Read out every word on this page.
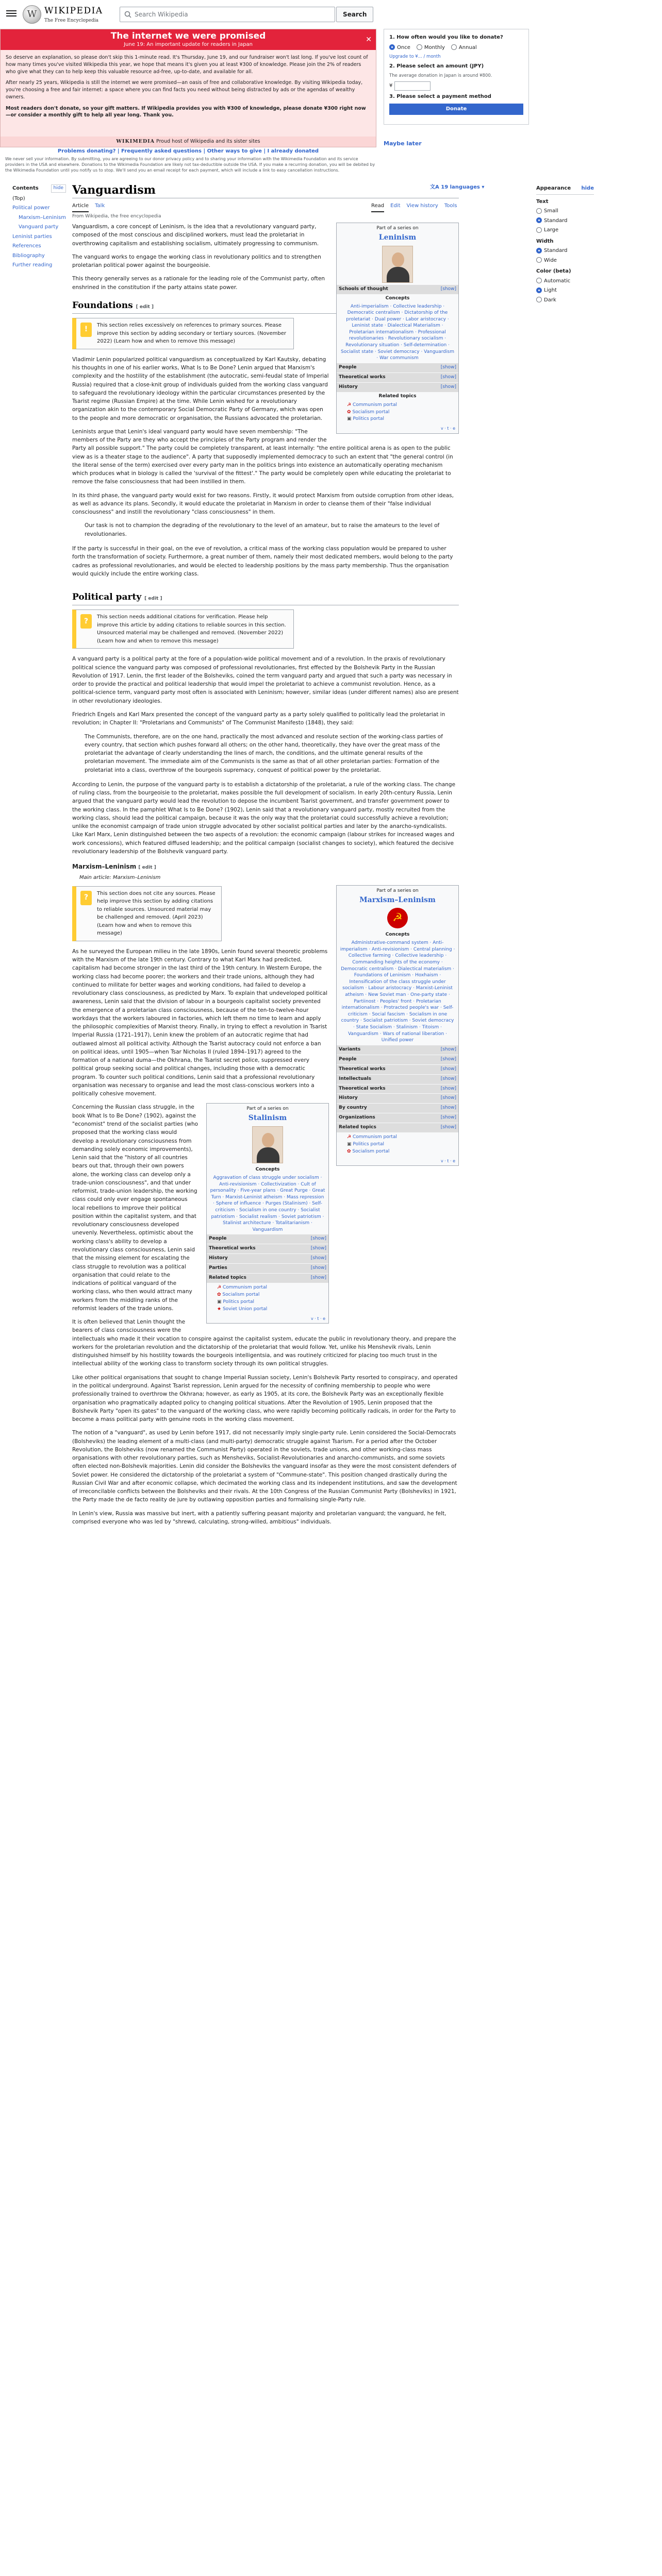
W WIKIPEDIA
The Free Encyclopedia
Search Wikipedia	Search
The internet we were promised
June 19: An important update for readers in Japan
✕

So deserve an explanation, so please don't skip this 1-minute read. It's Thursday, June 19, and our fundraiser won't last long. If you've lost count of how many times you've visited Wikipedia this year, we hope that means it's given you at least ¥300 of knowledge. Please join the 2% of readers who give what they can to help keep this valuable resource ad-free, up-to-date, and available for all.

After nearly 25 years, Wikipedia is still the internet we were promised—an oasis of free and collaborative knowledge. By visiting Wikipedia today, you're choosing a free and fair internet: a space where you can find facts you need without being distracted by ads or the agendas of wealthy owners.

Most readers don't donate, so your gift matters. If Wikipedia provides you with ¥300 of knowledge, please donate ¥300 right now—or consider a monthly gift to help all year long. Thank you.

WIKIMEDIA Proud host of Wikipedia and its sister sites
1. How often would you like to donate?
Once	Monthly	Annual
Upgrade to ¥... / month
2. Please select an amount (JPY)
The average donation in Japan is around ¥800.
¥
3. Please select a payment method
Donate
Maybe later
Problems donating? | Frequently asked questions | Other ways to give | I already donated
We never sell your information. By submitting, you are agreeing to our donor privacy policy and to sharing your information with the Wikimedia Foundation and its service providers in the USA and elsewhere. Donations to the Wikimedia Foundation are likely not tax-deductible outside the USA. If you make a recurring donation, you will be debited by the Wikimedia Foundation until you notify us to stop. We'll send you an email receipt for each payment, which will include a link to easy cancellation instructions.
Contents	hide
(Top)
Political power
Marxism–Leninism
Vanguard party
Leninist parties
References
Bibliography
Further reading
Vanguardism	文A 19 languages ▾
Article Talk	Read Edit View history Tools
From Wikipedia, the free encyclopedia
Appearance hide
Text
Small
Standard
Large
Width
Standard
Wide
Color (beta)
Automatic
Light
Dark
Part of a series on
Leninism
Schools of thought	[show]
Concepts
Anti-imperialism · Collective leadership · Democratic centralism · Dictatorship of the proletariat · Dual power · Labor aristocracy · Leninist state · Dialectical Materialism · Proletarian internationalism · Professional revolutionaries · Revolutionary socialism · Revolutionary situation · Self-determination · Socialist state · Soviet democracy · Vanguardism · War communism
People	[show]
Theoretical works	[show]
History	[show]
Related topics
☭ Communism portal
✿ Socialism portal
▣ Politics portal
v · t · e

Vanguardism, a core concept of Leninism, is the idea that a revolutionary vanguard party, composed of the most conscious and disciplined workers, must lead the proletariat in overthrowing capitalism and establishing socialism, ultimately progressing to communism.

The vanguard works to engage the working class in revolutionary politics and to strengthen proletarian political power against the bourgeoisie.

This theory generally serves as a rationale for the leading role of the Communist party, often enshrined in the constitution if the party attains state power.

Foundations [ edit ]
!	This section relies excessively on references to primary sources. Please improve this section by adding secondary or tertiary sources. (November 2022) (Learn how and when to remove this message)

Vladimir Lenin popularized political vanguardism as conceptualized by Karl Kautsky, debating his thoughts in one of his earlier works, What Is to Be Done? Lenin argued that Marxism's complexity and the hostility of the establishment (the autocratic, semi-feudal state of Imperial Russia) required that a close-knit group of individuals guided from the working class vanguard to safeguard the revolutionary ideology within the particular circumstances presented by the Tsarist regime (Russian Empire) at the time. While Lenin wished for a revolutionary organization akin to the contemporary Social Democratic Party of Germany, which was open to the people and more democratic or organisation, the Russians advocated the proletarian.

Leninists argue that Lenin's ideal vanguard party would have seven membership: "The members of the Party are they who accept the principles of the Party program and render the Party all possible support." The party could be completely transparent, at least internally: "the entire political arena is as open to the public view as is a theater stage to the audience". A party that supposedly implemented democracy to such an extent that "the general control (in the literal sense of the term) exercised over every party man in the politics brings into existence an automatically operating mechanism which produces what in biology is called the 'survival of the fittest'." The party would be completely open while educating the proletariat to remove the false consciousness that had been instilled in them.

In its third phase, the vanguard party would exist for two reasons. Firstly, it would protect Marxism from outside corruption from other ideas, as well as advance its plans. Secondly, it would educate the proletariat in Marxism in order to cleanse them of their "false individual consciousness" and instill the revolutionary "class consciousness" in them.

Our task is not to champion the degrading of the revolutionary to the level of an amateur, but to raise the amateurs to the level of revolutionaries.

If the party is successful in their goal, on the eve of revolution, a critical mass of the working class population would be prepared to usher forth the transformation of society. Furthermore, a great number of them, namely their most dedicated members, would belong to the party cadres as professional revolutionaries, and would be elected to leadership positions by the mass party membership. Thus the organisation would quickly include the entire working class.

Political party [ edit ]
?	This section needs additional citations for verification. Please help improve this article by adding citations to reliable sources in this section. Unsourced material may be challenged and removed. (November 2022) (Learn how and when to remove this message)

A vanguard party is a political party at the fore of a population-wide political movement and of a revolution. In the praxis of revolutionary political science the vanguard party was composed of professional revolutionaries, first effected by the Bolshevik Party in the Russian Revolution of 1917. Lenin, the first leader of the Bolsheviks, coined the term vanguard party and argued that such a party was necessary in order to provide the practical and political leadership that would impel the proletariat to achieve a communist revolution. Hence, as a political-science term, vanguard party most often is associated with Leninism; however, similar ideas (under different names) also are present in other revolutionary ideologies.

Friedrich Engels and Karl Marx presented the concept of the vanguard party as a party solely qualified to politically lead the proletariat in revolution; in Chapter II: "Proletarians and Communists" of The Communist Manifesto (1848), they said:

The Communists, therefore, are on the one hand, practically the most advanced and resolute section of the working-class parties of every country, that section which pushes forward all others; on the other hand, theoretically, they have over the great mass of the proletariat the advantage of clearly understanding the lines of march, the conditions, and the ultimate general results of the proletarian movement. The immediate aim of the Communists is the same as that of all other proletarian parties: Formation of the proletariat into a class, overthrow of the bourgeois supremacy, conquest of political power by the proletariat.

According to Lenin, the purpose of the vanguard party is to establish a dictatorship of the proletariat, a rule of the working class. The change of ruling class, from the bourgeoisie to the proletariat, makes possible the full development of socialism. In early 20th-century Russia, Lenin argued that the vanguard party would lead the revolution to depose the incumbent Tsarist government, and transfer government power to the working class. In the pamphlet What Is to Be Done? (1902), Lenin said that a revolutionary vanguard party, mostly recruited from the working class, should lead the political campaign, because it was the only way that the proletariat could successfully achieve a revolution; unlike the economist campaign of trade union struggle advocated by other socialist political parties and later by the anarcho-syndicalists. Like Karl Marx, Lenin distinguished between the two aspects of a revolution: the economic campaign (labour strikes for increased wages and work concessions), which featured diffused leadership; and the political campaign (socialist changes to society), which featured the decisive revolutionary leadership of the Bolshevik vanguard party.

Marxism–Leninism [ edit ]
Main article: Marxism–Leninism
Part of a series on
Marxism–Leninism
☭
Concepts
Administrative-command system · Anti-imperialism · Anti-revisionism · Central planning · Collective farming · Collective leadership · Commanding heights of the economy · Democratic centralism · Dialectical materialism · Foundations of Leninism · Hoxhaism · Intensification of the class struggle under socialism · Labour aristocracy · Marxist-Leninist atheism · New Soviet man · One-party state · Partiinost · Peoples' front · Proletarian internationalism · Protracted people's war · Self-criticism · Social fascism · Socialism in one country · Socialist patriotism · Soviet democracy · State Socialism · Stalinism · Titoism · Vanguardism · Wars of national liberation · Unified power
Variants	[show]
People	[show]
Theoretical works	[show]
Intellectuals	[show]
Theoretical works	[show]
History	[show]
By country	[show]
Organizations	[show]
Related topics	[show]
☭ Communism portal
▣ Politics portal
✿ Socialism portal
v · t · e
?	This section does not cite any sources. Please help improve this section by adding citations to reliable sources. Unsourced material may be challenged and removed. (April 2023) (Learn how and when to remove this message)

As he surveyed the European milieu in the late 1890s, Lenin found several theoretic problems with the Marxism of the late 19th century. Contrary to what Karl Marx had predicted, capitalism had become stronger in the last third of the 19th century. In Western Europe, the working class had become poorer; the workers and their trade unions, although they had continued to militate for better wages and working conditions, had failed to develop a revolutionary class consciousness, as predicted by Marx. To explain that undeveloped political awareness, Lenin said that the division of labour in a bourgeois capitalist society prevented the emergence of a proletarian class consciousness, because of the ten-to-twelve-hour workdays that the workers laboured in factories, which left them no time to learn and apply the philosophic complexities of Marxist theory. Finally, in trying to effect a revolution in Tsarist Imperial Russia (1721–1917), Lenin knew the problem of an autocratic regime that had outlawed almost all political activity. Although the Tsarist autocracy could not enforce a ban on political ideas, until 1905—when Tsar Nicholas II (ruled 1894–1917) agreed to the formation of a national duma—the Okhrana, the Tsarist secret police, suppressed every political group seeking social and political changes, including those with a democratic program. To counter such political conditions, Lenin said that a professional revolutionary organisation was necessary to organise and lead the most class-conscious workers into a politically cohesive movement.

Part of a series on
Stalinism
Concepts
Aggravation of class struggle under socialism · Anti-revisionism · Collectivization · Cult of personality · Five-year plans · Great Purge · Great Turn · Marxist-Leninist atheism · Mass repression · Sphere of influence · Purges (Stalinism) · Self-criticism · Socialism in one country · Socialist patriotism · Socialist realism · Soviet patriotism · Stalinist architecture · Totalitarianism · Vanguardism
People	[show]
Theoretical works	[show]
History	[show]
Parties	[show]
Related topics	[show]
☭ Communism portal
✿ Socialism portal
▣ Politics portal
★ Soviet Union portal
v · t · e

Concerning the Russian class struggle, in the book What Is to Be Done? (1902), against the "economist" trend of the socialist parties (who proposed that the working class would develop a revolutionary consciousness from demanding solely economic improvements), Lenin said that the "history of all countries bears out that, through their own powers alone, the working class can develop only a trade-union consciousness", and that under reformist, trade-union leadership, the working class could only ever engage spontaneous local rebellions to improve their political position within the capitalist system, and that revolutionary consciousness developed unevenly. Nevertheless, optimistic about the working class's ability to develop a revolutionary class consciousness, Lenin said that the missing element for escalating the class struggle to revolution was a political organisation that could relate to the indications of political vanguard of the working class, who then would attract many workers from the middling ranks of the reformist leaders of the trade unions.

It is often believed that Lenin thought the bearers of class consciousness were the intellectuals who made it their vocation to conspire against the capitalist system, educate the public in revolutionary theory, and prepare the workers for the proletarian revolution and the dictatorship of the proletariat that would follow. Yet, unlike his Menshevik rivals, Lenin distinguished himself by his hostility towards the bourgeois intelligentsia, and was routinely criticized for placing too much trust in the intellectual ability of the working class to transform society through its own political struggles.

Like other political organisations that sought to change Imperial Russian society, Lenin's Bolshevik Party resorted to conspiracy, and operated in the political underground. Against Tsarist repression, Lenin argued for the necessity of confining membership to people who were professionally trained to overthrow the Okhrana; however, as early as 1905, at its core, the Bolshevik Party was an exceptionally flexible organisation who pragmatically adapted policy to changing political situations. After the Revolution of 1905, Lenin proposed that the Bolshevik Party "open its gates" to the vanguard of the working class, who were rapidly becoming politically radicals, in order for the Party to become a mass political party with genuine roots in the working class movement.

The notion of a "vanguard", as used by Lenin before 1917, did not necessarily imply single-party rule. Lenin considered the Social-Democrats (Bolsheviks) the leading element of a multi-class (and multi-party) democratic struggle against Tsarism. For a period after the October Revolution, the Bolsheviks (now renamed the Communist Party) operated in the soviets, trade unions, and other working-class mass organisations with other revolutionary parties, such as Mensheviks, Socialist-Revolutionaries and anarcho-communists, and some soviets often elected non-Bolshevik majorities. Lenin did consider the Bolsheviks the vanguard insofar as they were the most consistent defenders of Soviet power. He considered the dictatorship of the proletariat a system of "Commune-state". This position changed drastically during the Russian Civil War and after economic collapse, which decimated the working class and its independent institutions, and saw the development of irreconcilable conflicts between the Bolsheviks and their rivals. At the 10th Congress of the Russian Communist Party (Bolsheviks) in 1921, the Party made the de facto reality de jure by outlawing opposition parties and formalising single-Party rule.

In Lenin's view, Russia was massive but inert, with a patiently suffering peasant majority and proletarian vanguard; the vanguard, he felt, comprised everyone who was led by "shrewd, calculating, strong-willed, ambitious" individuals.
